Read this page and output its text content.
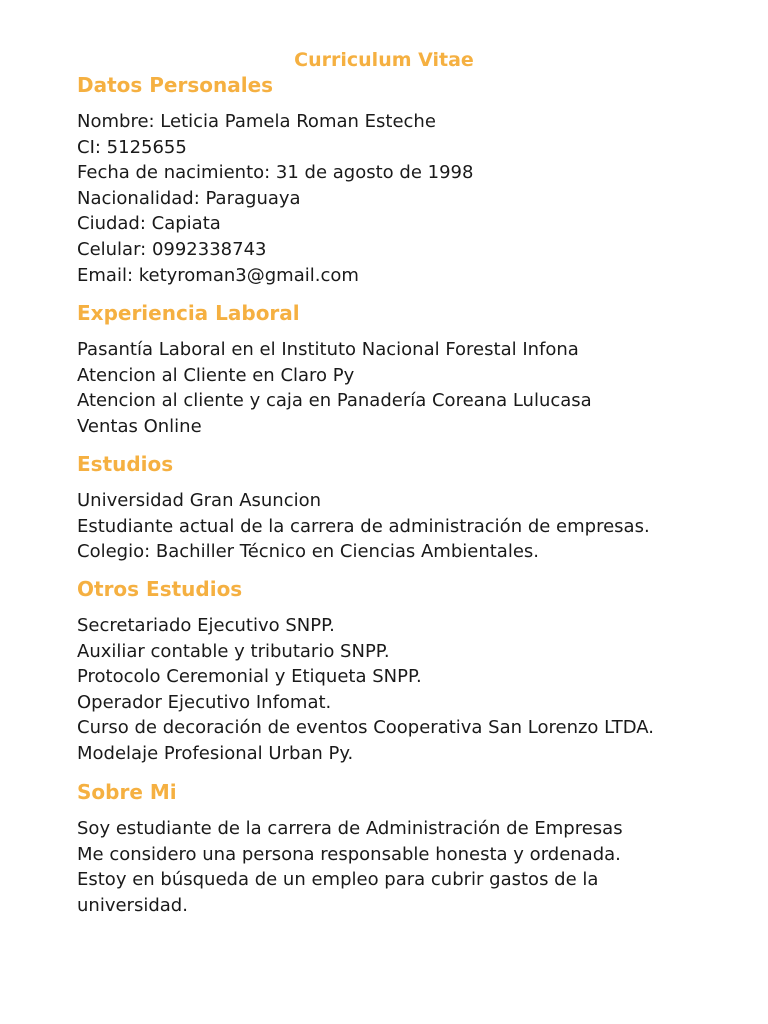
Curriculum Vitae
Datos Personales
Nombre: Leticia Pamela Roman Esteche
CI: 5125655
Fecha de nacimiento: 31 de agosto de 1998
Nacionalidad: Paraguaya
Ciudad: Capiata
Celular: 0992338743
Email: ketyroman3@gmail.com
Experiencia Laboral
Pasantía Laboral en el Instituto Nacional Forestal Infona
Atencion al Cliente en Claro Py
Atencion al cliente y caja en Panadería Coreana Lulucasa
Ventas Online
Estudios
Universidad Gran Asuncion
Estudiante actual de la carrera de administración de empresas.
Colegio: Bachiller Técnico en Ciencias Ambientales.
Otros Estudios
Secretariado Ejecutivo SNPP.
Auxiliar contable y tributario SNPP.
Protocolo Ceremonial y Etiqueta SNPP.
Operador Ejecutivo Infomat.
Curso de decoración de eventos Cooperativa San Lorenzo LTDA.
Modelaje Profesional Urban Py.
Sobre Mi
Soy estudiante de la carrera de Administración de Empresas
Me considero una persona responsable honesta y ordenada.
Estoy en búsqueda de un empleo para cubrir gastos de la
universidad.
